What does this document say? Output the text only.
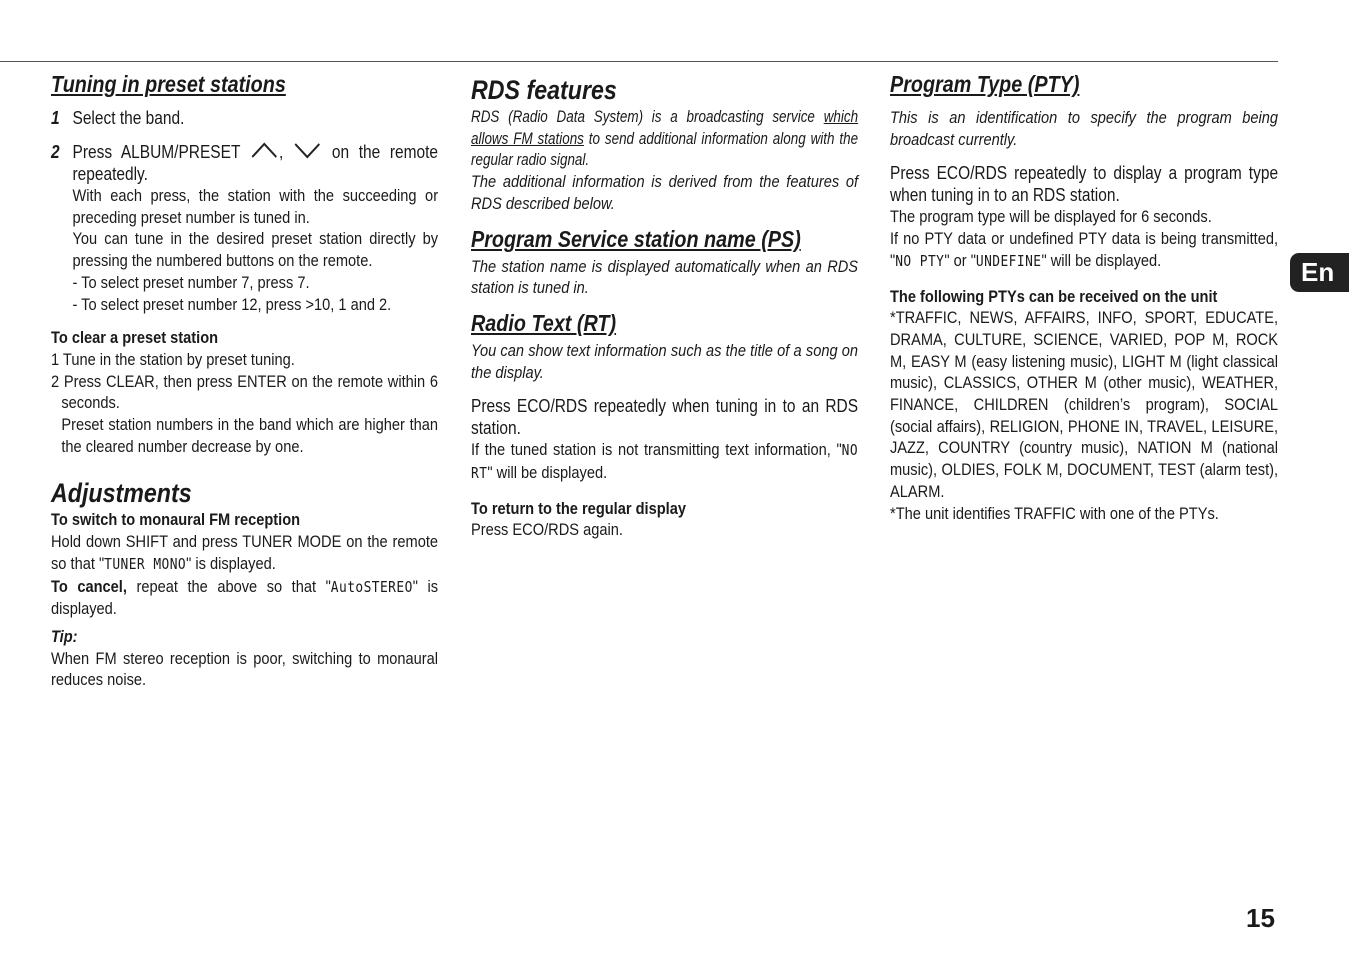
Tuning in preset stations
1 Select the band.
2 Press ALBUM/PRESET ,	on the remote repeatedly.

With each press, the station with the succeeding or preceding preset number is tuned in.

You can tune in the desired preset station directly by pressing the numbered buttons on the remote.

- To select preset number 7, press 7.

- To select preset number 12, press >10, 1 and 2.

To clear a preset station

1 Tune in the station by preset tuning.

2 Press CLEAR, then press ENTER on the remote within 6 seconds.

Preset station numbers in the band which are higher than the cleared number decrease by one.

Adjustments

To switch to monaural FM reception

Hold down SHIFT and press TUNER MODE on the remote so that "TUNER MONO" is displayed.

To cancel, repeat the above so that "AutoSTEREO" is displayed.

Tip:

When FM stereo reception is poor, switching to monaural reduces noise.

RDS features

RDS (Radio Data System) is a broadcasting service which allows FM stations to send additional information along with the regular radio signal.

The additional information is derived from the features of RDS described below.

Program Service station name (PS)

The station name is displayed automatically when an RDS station is tuned in.

Radio Text (RT)

You can show text information such as the title of a song on the display.

Press ECO/RDS repeatedly when tuning in to an RDS station.

If the tuned station is not transmitting text information, "NO RT" will be displayed.

To return to the regular display

Press ECO/RDS again.

Program Type (PTY)

This is an identification to specify the program being broadcast currently.

Press ECO/RDS repeatedly to display a program type when tuning in to an RDS station.

The program type will be displayed for 6 seconds.

If no PTY data or undefined PTY data is being transmitted, "NO PTY" or "UNDEFINE" will be displayed.

The following PTYs can be received on the unit

*TRAFFIC, NEWS, AFFAIRS, INFO, SPORT, EDUCATE, DRAMA, CULTURE, SCIENCE, VARIED, POP M, ROCK M, EASY M (easy listening music), LIGHT M (light classical music), CLASSICS, OTHER M (other music), WEATHER, FINANCE, CHILDREN (children’s program), SOCIAL (social affairs), RELIGION, PHONE IN, TRAVEL, LEISURE, JAZZ, COUNTRY (country music), NATION M (national music), OLDIES, FOLK M, DOCUMENT, TEST (alarm test), ALARM.

*The unit identifies TRAFFIC with one of the PTYs.

En
15
